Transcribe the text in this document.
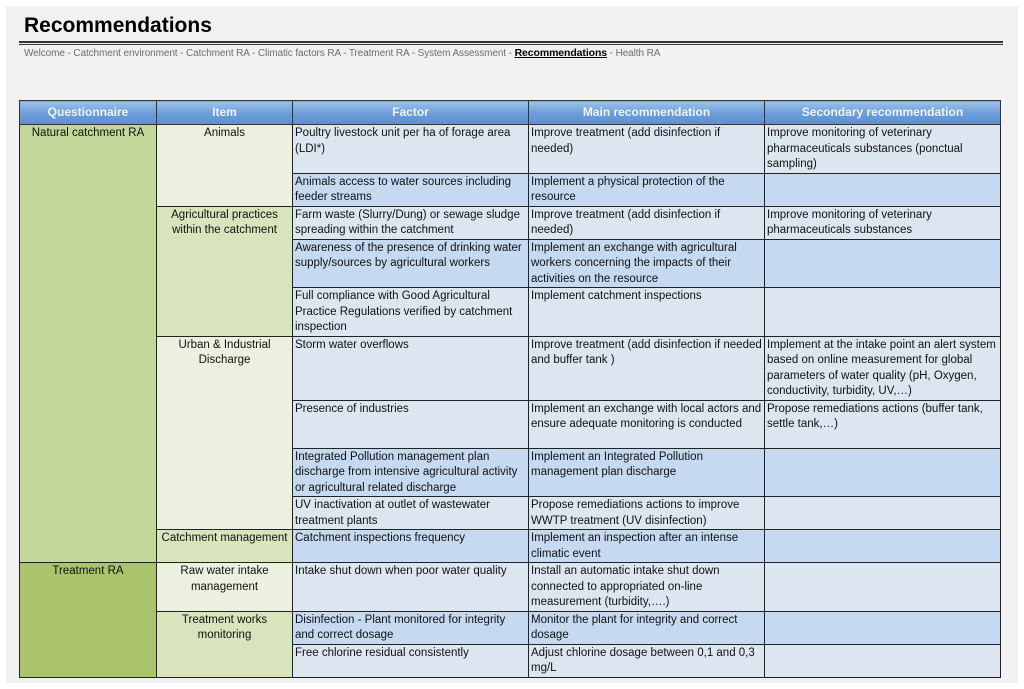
Recommendations
Welcome - Catchment environment - Catchment RA - Climatic factors RA - Treatment RA - System Assessment - Recommendations - Health RA
Questionnaire	Item	Factor	Main recommendation	Secondary recommendation
Natural catchment RA	Animals	Poultry livestock unit per ha of forage area (LDI*)	Improve treatment (add disinfection if needed)	Improve monitoring of veterinary pharmaceuticals substances (ponctual sampling)
		Animals access to water sources including feeder streams	Implement a physical protection of the resource	
	Agricultural practices within the catchment	Farm waste (Slurry/Dung) or sewage sludge spreading within the catchment	Improve treatment (add disinfection if needed)	Improve monitoring of veterinary pharmaceuticals substances
		Awareness of the presence of drinking water supply/sources by agricultural workers	Implement an exchange with agricultural workers concerning the impacts of their activities on the resource	
		Full compliance with Good Agricultural Practice Regulations verified by catchment inspection	Implement catchment inspections	
	Urban & Industrial Discharge	Storm water overflows	Improve treatment (add disinfection if needed and buffer tank )	Implement at the intake point an alert system based on online measurement for global parameters of water quality (pH, Oxygen, conductivity, turbidity, UV,…)
		Presence of industries	Implement an exchange with local actors and ensure adequate monitoring is conducted	Propose remediations actions (buffer tank, settle tank,…)
		Integrated Pollution management plan discharge from intensive agricultural activity or agricultural related discharge	Implement an Integrated Pollution management plan discharge	
		UV inactivation at outlet of wastewater treatment plants	Propose remediations actions to improve WWTP treatment (UV disinfection)	
	Catchment management	Catchment inspections frequency	Implement an inspection after an intense climatic event	
Treatment RA	Raw water intake management	Intake shut down when poor water quality	Install an automatic intake shut down connected to appropriated on-line measurement (turbidity,….)	
	Treatment works monitoring	Disinfection - Plant monitored for integrity and correct dosage	Monitor the plant for integrity and correct dosage	
		Free chlorine residual consistently	Adjust chlorine dosage between 0,1 and 0,3 mg/L	
